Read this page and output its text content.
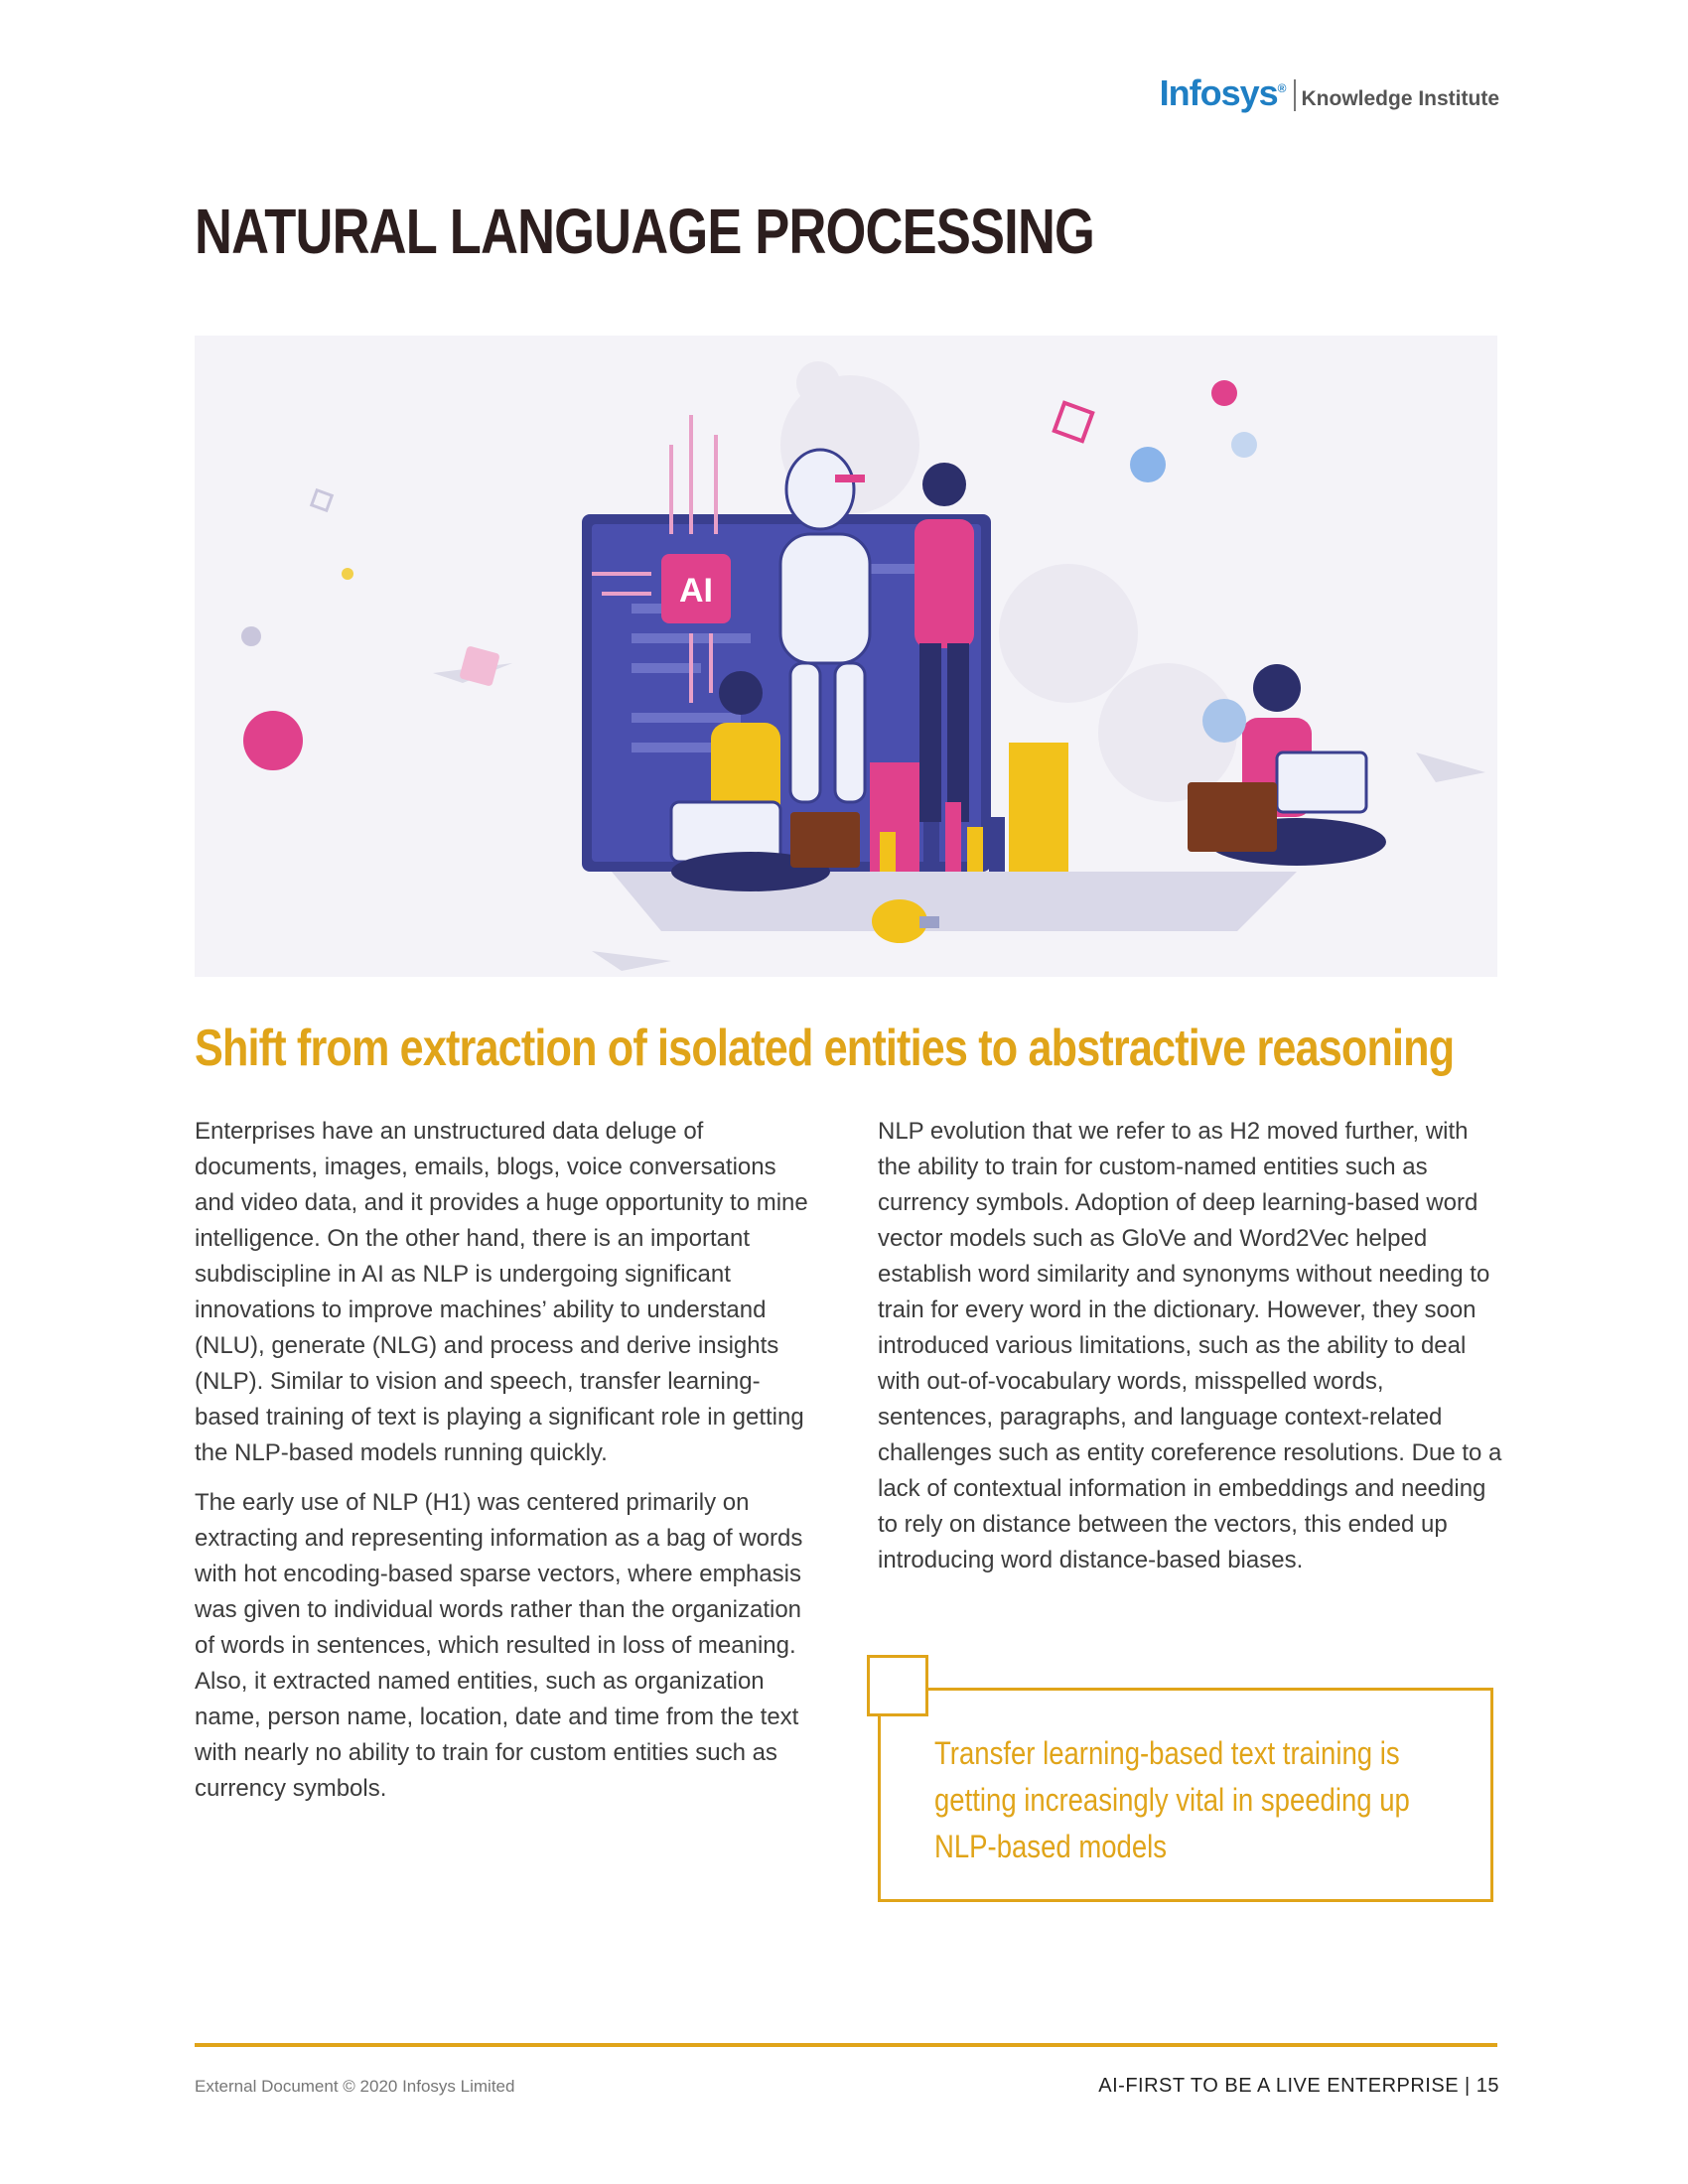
Infosys® Knowledge Institute
NATURAL LANGUAGE PROCESSING
AI
Shift from extraction of isolated entities to abstractive reasoning

Enterprises have an unstructured data deluge of documents, images, emails, blogs, voice conversations and video data, and it provides a huge opportunity to mine intelligence. On the other hand, there is an important subdiscipline in AI as NLP is undergoing significant innovations to improve machines’ ability to understand (NLU), generate (NLG) and process and derive insights (NLP). Similar to vision and speech, transfer learning-based training of text is playing a significant role in getting the NLP-based models running quickly.

The early use of NLP (H1) was centered primarily on extracting and representing information as a bag of words with hot encoding-based sparse vectors, where emphasis was given to individual words rather than the organization of words in sentences, which resulted in loss of meaning. Also, it extracted named entities, such as organization name, person name, location, date and time from the text with nearly no ability to train for custom entities such as currency symbols.

NLP evolution that we refer to as H2 moved further, with the ability to train for custom-named entities such as currency symbols. Adoption of deep learning-based word vector models such as GloVe and Word2Vec helped establish word similarity and synonyms without needing to train for every word in the dictionary. However, they soon introduced various limitations, such as the ability to deal with out-of-vocabulary words, misspelled words, sentences, paragraphs, and language context-related challenges such as entity coreference resolutions. Due to a lack of contextual information in embeddings and needing to rely on distance between the vectors, this ended up introducing word distance-based biases.

Transfer learning-based text training is getting increasingly vital in speeding up NLP-based models
External Document © 2020 Infosys Limited	AI-FIRST TO BE A LIVE ENTERPRISE | 15
